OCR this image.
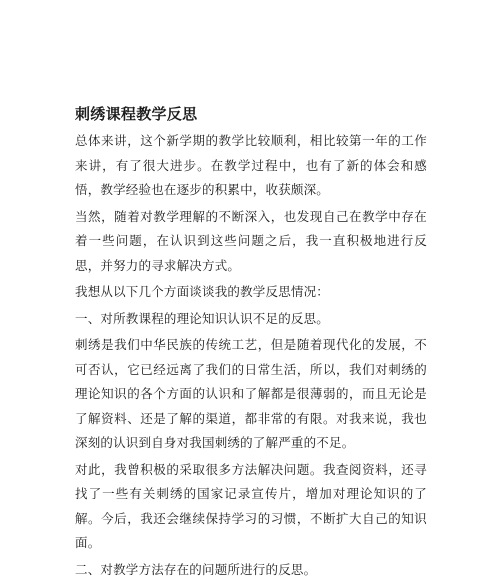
刺绣课程教学反思

总体来讲，这个新学期的教学比较顺利，相比较第一年的工作来讲，有了很大进步。在教学过程中，也有了新的体会和感悟，教学经验也在逐步的积累中，收获颇深。

当然，随着对教学理解的不断深入，也发现自己在教学中存在着一些问题，在认识到这些问题之后，我一直积极地进行反思，并努力的寻求解决方式。

我想从以下几个方面谈谈我的教学反思情况：

一、对所教课程的理论知识认识不足的反思。

刺绣是我们中华民族的传统工艺，但是随着现代化的发展，不可否认，它已经远离了我们的日常生活，所以，我们对刺绣的理论知识的各个方面的认识和了解都是很薄弱的，而且无论是了解资料、还是了解的渠道，都非常的有限。对我来说，我也深刻的认识到自身对我国刺绣的了解严重的不足。

对此，我曾积极的采取很多方法解决问题。我查阅资料，还寻找了一些有关刺绣的国家记录宣传片，增加对理论知识的了解。今后，我还会继续保持学习的习惯，不断扩大自己的知识面。

二、对教学方法存在的问题所进行的反思。
